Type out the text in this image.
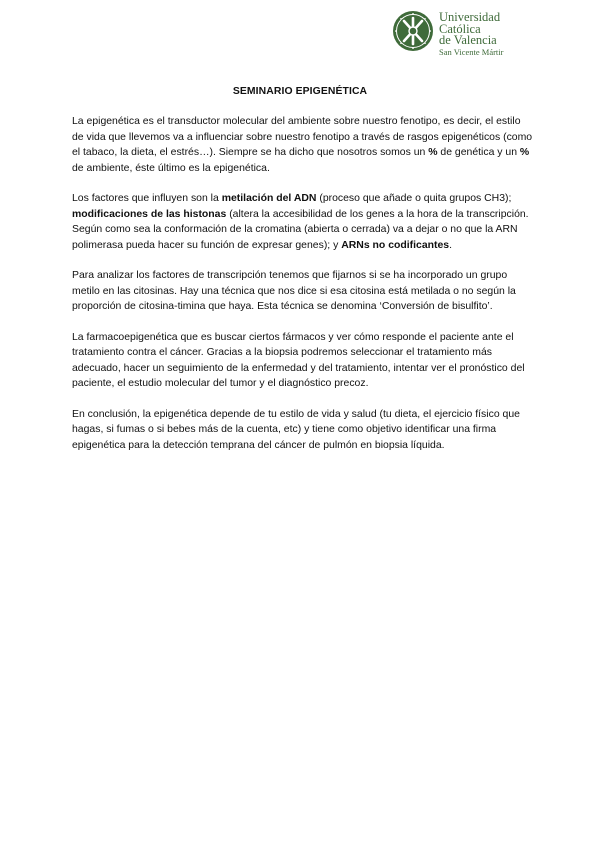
Universidad
Católica
de Valencia
San Vicente Mártir
SEMINARIO EPIGENÉTICA

La epigenética es el transductor molecular del ambiente sobre nuestro fenotipo, es decir, el estilo de vida que llevemos va a influenciar sobre nuestro fenotipo a través de rasgos epigenéticos (como el tabaco, la dieta, el estrés…). Siempre se ha dicho que nosotros somos un % de genética y un % de ambiente, éste último es la epigenética.

Los factores que influyen son la metilación del ADN (proceso que añade o quita grupos CH3); modificaciones de las histonas (altera la accesibilidad de los genes a la hora de la transcripción. Según como sea la conformación de la cromatina (abierta o cerrada) va a dejar o no que la ARN polimerasa pueda hacer su función de expresar genes); y ARNs no codificantes.

Para analizar los factores de transcripción tenemos que fijarnos si se ha incorporado un grupo metilo en las citosinas. Hay una técnica que nos dice si esa citosina está metilada o no según la proporción de citosina-timina que haya. Esta técnica se denomina ‘Conversión de bisulfito’.

La farmacoepigenética que es buscar ciertos fármacos y ver cómo responde el paciente ante el tratamiento contra el cáncer. Gracias a la biopsia podremos seleccionar el tratamiento más adecuado, hacer un seguimiento de la enfermedad y del tratamiento, intentar ver el pronóstico del paciente, el estudio molecular del tumor y el diagnóstico precoz.

En conclusión, la epigenética depende de tu estilo de vida y salud (tu dieta, el ejercicio físico que hagas, si fumas o si bebes más de la cuenta, etc) y tiene como objetivo identificar una firma epigenética para la detección temprana del cáncer de pulmón en biopsia líquida.
